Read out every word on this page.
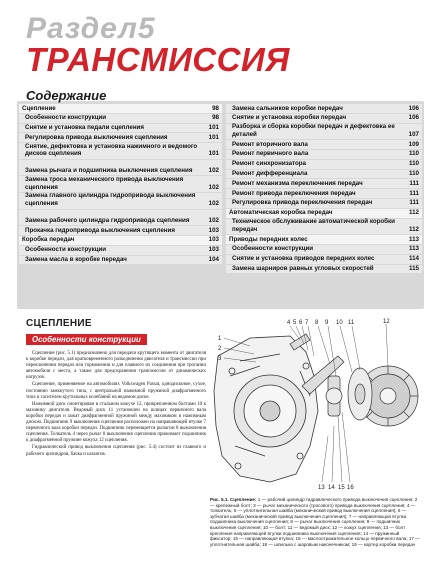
Раздел5
ТРАНСМИССИЯ
Сцепление	98
Особенности конструкции	98
Снятие и установка педали сцепления	101
Регулировка привода выключения сцепления	101
Снятие, дефектовка и установка нажимного и ведомого дисков сцепления	101
Замена рычага и подшипника выключения сцепления	102
Замена троса механического привода выключения сцепления	102
Замена главного цилиндра гидропривода выключения сцепления	102
Замена рабочего цилиндра гидропривода сцепления	102
Прокачка гидропривода выключения сцепления	103
Коробка передач	103
Особенности конструкции	103
Замена масла в коробке передач	104
Замена сальников коробки передач	106
Снятие и установка коробки передач	106
Разборка и сборка коробки передач и дефектовка ее деталей	107
Ремонт вторичного вала	109
Ремонт первичного вала	110
Ремонт синхронизатора	110
Ремонт дифференциала	110
Ремонт механизма переключения передач	111
Ремонт привода переключения передач	111
Регулировка привода переключения передач	111
Автоматическая коробка передач	112
Техническое обслуживание автоматической коробки передач	112
Приводы передних колес	113
Особенности конструкции	113
Снятие и установка приводов передних колес	114
Замена шарниров равных угловых скоростей	115
Содержание
СЦЕПЛЕНИЕ
Особенности конструкции

Сцепление (рис. 5.1) предназначено для передачи крутящего момента от двигателя к коробке передач, для кратковременного разъединения двигателя и трансмиссии при переключении передач или торможении и для плавного их соединения при трогании автомобиля с места, а также для предохранения трансмиссии от динамических нагрузок.

Сцепление, применяемое на автомобилях Volkswagen Passat, однодисковое, сухое, постоянно замкнутого типа, с центральной нажимной пружиной диафрагменного типа и гасителем крутильных колебаний на ведомом диске.

Нажимной диск смонтирован в стальном кожухе 12, прикрепленном болтами 10 к маховику двигателя. Ведомый диск 11 установлен на шлицах первичного вала коробки передач и зажат диафрагменной пружиной между маховиком и нажимным диском. Подшипник 9 выключения сцепления расположен на направляющей втулке 7 первичного вала коробки передач. Подшипник перемещается рычагом 8 выключения сцепления. Толкатель 4 через рычаг 8 выключения сцепления прижимает подшипник к диафрагменной пружине кожуха 12 сцепления.

Гидравлический привод выключения сцепления (рис. 5.4) состоит из главного и рабочего цилиндров, бачка и шлангов.

1
2
3
4 5 6 7 8 9 10 11	12
13 14 15 16
Рис. 5.1. Сцепление: 1 — рабочий цилиндр гидравлического привода выключения сцепления; 2 — крепежный болт; 3 — рычаг механического (тросового) привода выключения сцепления; 4 — толкатель; 5 — уплотнительная шайба (механический привод выключения сцепления); 6 — зубчатая шайба (механический привод выключения сцепления); 7 — направляющая втулка подшипника выключения сцепления; 8 — рычаг выключения сцепления; 9 — подшипник выключения сцепления; 10 — болт; 11 — ведомый диск; 12 — кожух сцепления; 13 — болт крепления направляющей втулки подшипника выключения сцепления; 14 — пружинный фиксатор; 15 — направляющая втулка; 16 — маслоотражательное кольцо первичного вала; 17 — уплотнительная шайба; 18 — шпилька с шаровым наконечником; 19 — картер коробки передач
